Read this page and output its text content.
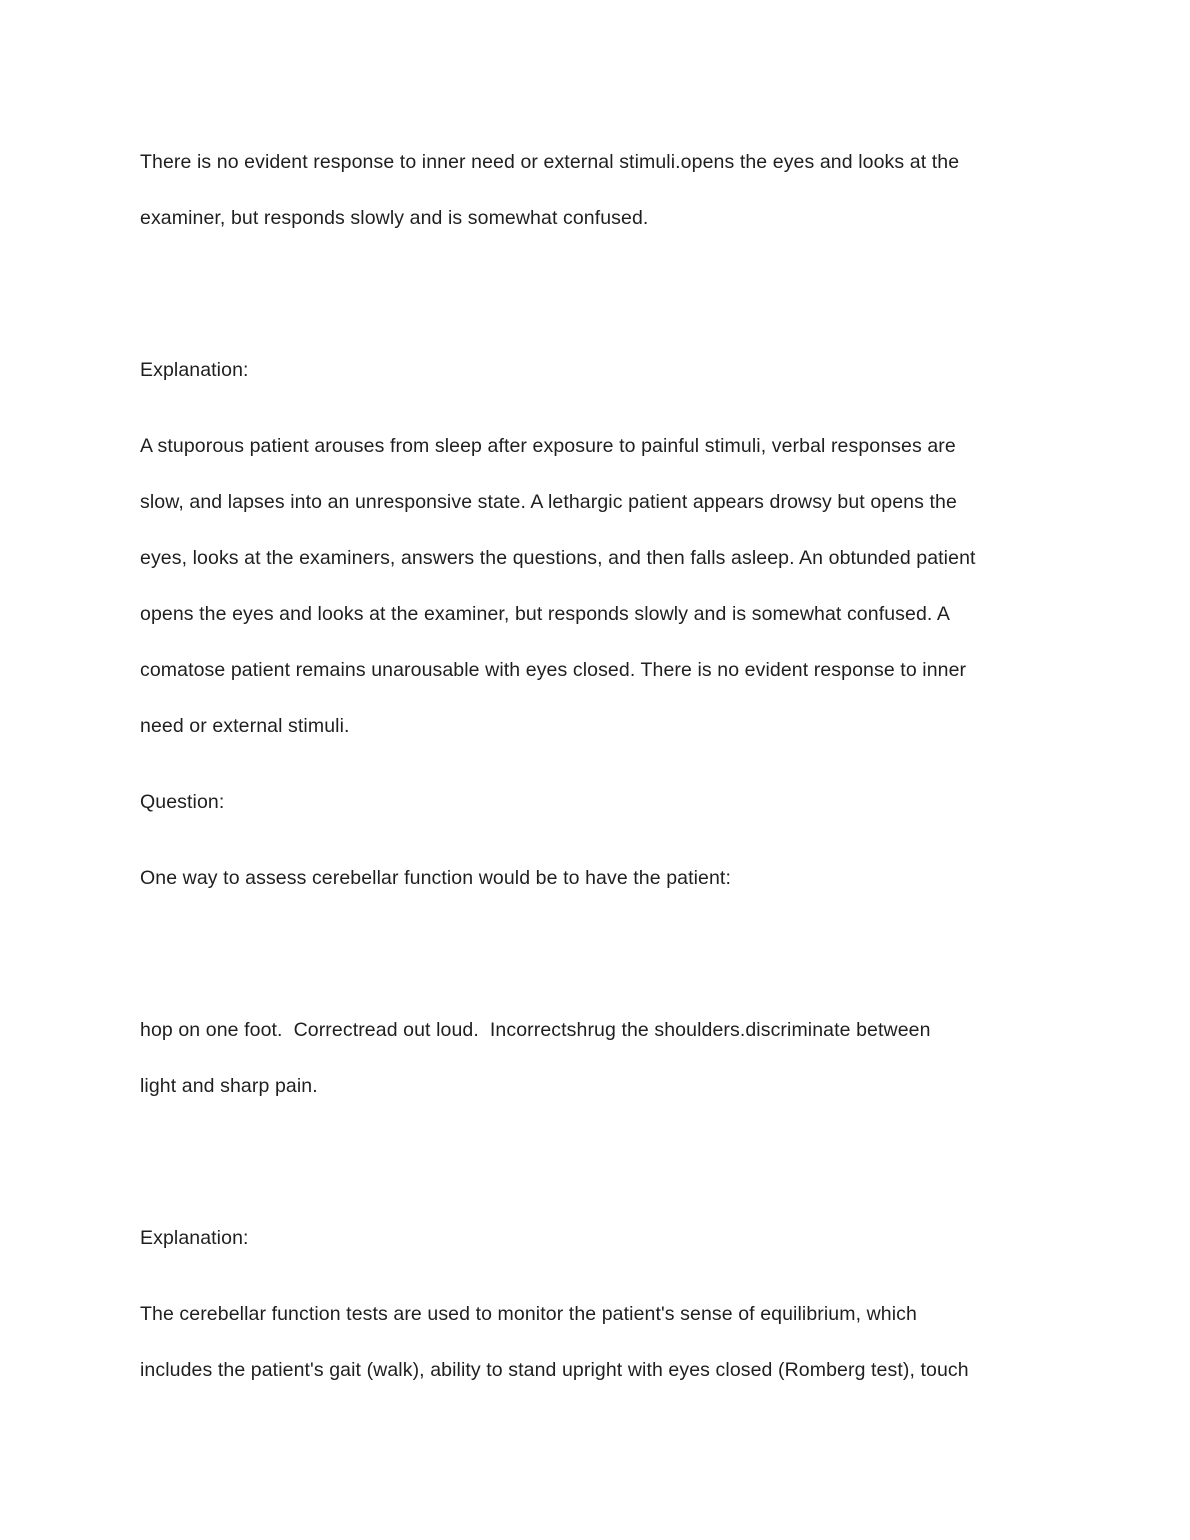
There is no evident response to inner need or external stimuli.opens the eyes and looks at the
examiner, but responds slowly and is somewhat confused.

Explanation:

A stuporous patient arouses from sleep after exposure to painful stimuli, verbal responses are
slow, and lapses into an unresponsive state. A lethargic patient appears drowsy but opens the
eyes, looks at the examiners, answers the questions, and then falls asleep. An obtunded patient
opens the eyes and looks at the examiner, but responds slowly and is somewhat confused. A
comatose patient remains unarousable with eyes closed. There is no evident response to inner
need or external stimuli.

Question:

One way to assess cerebellar function would be to have the patient:

hop on one foot.  Correctread out loud.  Incorrectshrug the shoulders.discriminate between
light and sharp pain.

Explanation:

The cerebellar function tests are used to monitor the patient's sense of equilibrium, which
includes the patient's gait (walk), ability to stand upright with eyes closed (Romberg test), touch
